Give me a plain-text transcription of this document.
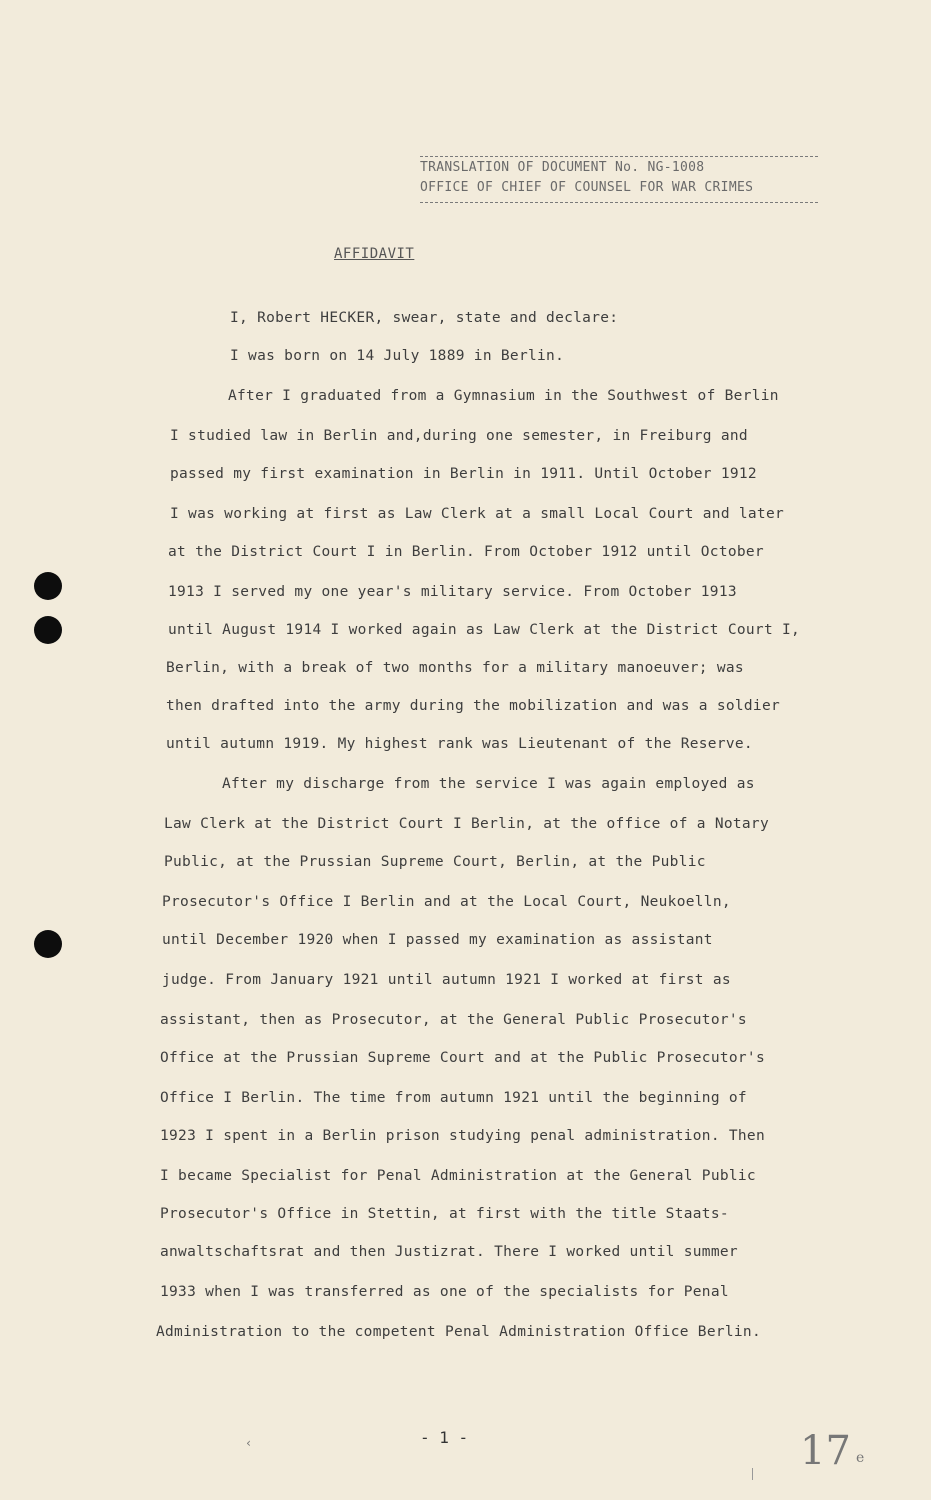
TRANSLATION OF DOCUMENT No. NG-1008
OFFICE OF CHIEF OF COUNSEL FOR WAR CRIMES
AFFIDAVIT
I, Robert HECKER, swear, state and declare:
I was born on 14 July 1889 in Berlin.
After I graduated from a Gymnasium in the Southwest of Berlin
I studied law in Berlin and,during one semester, in Freiburg and
passed my first examination in Berlin in 1911. Until October 1912
I was working at first as Law Clerk at a small Local Court and later
at the District Court I in Berlin. From October 1912 until October
1913 I served my one year's military service. From October 1913
until August 1914 I worked again as Law Clerk at the District Court I,
Berlin, with a break of two months for a military manoeuver; was
then drafted into the army during the mobilization and was a soldier
until autumn 1919. My highest rank was Lieutenant of the Reserve.
After my discharge from the service I was again employed as
Law Clerk at the District Court I Berlin, at the office of a Notary
Public, at the Prussian Supreme Court, Berlin, at the Public
Prosecutor's Office I Berlin and at the Local Court, Neukoelln,
until December 1920 when I passed my examination as assistant
judge. From January 1921 until autumn 1921 I worked at first as
assistant, then as Prosecutor, at the General Public Prosecutor's
Office at the Prussian Supreme Court and at the Public Prosecutor's
Office I Berlin. The time from autumn 1921 until the beginning of
1923 I spent in a Berlin prison studying penal administration. Then
I became Specialist for Penal Administration at the General Public
Prosecutor's Office in Stettin, at first with the title Staats-
anwaltschaftsrat and then Justizrat. There I worked until summer
1933 when I was transferred as one of the specialists for Penal
Administration to the competent Penal Administration Office Berlin.
‹	- 1 -	17 e
